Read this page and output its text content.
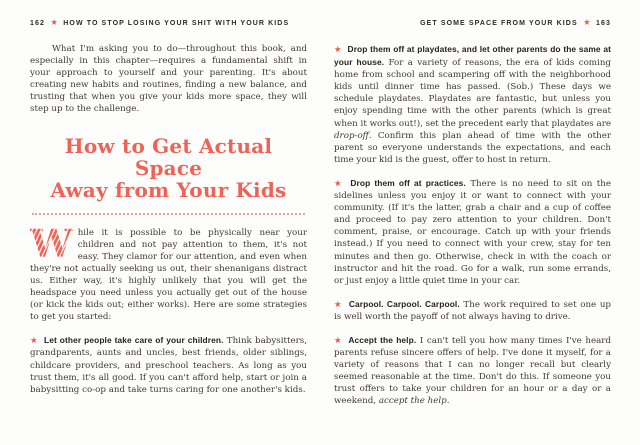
162 ★ HOW TO STOP LOSING YOUR SHIT WITH YOUR KIDS

What I'm asking you to do—throughout this book, and especially in this chapter—requires a fundamental shift in your approach to yourself and your parenting. It's about creating new habits and routines, finding a new balance, and trusting that when you give your kids more space, they will step up to the challenge.

How to Get Actual Space
Away from Your Kids

W hile it is possible to be physically near your children and not pay attention to them, it's not easy. They clamor for our attention, and even when they're not actually seeking us out, their shenanigans distract us. Either way, it's highly unlikely that you will get the headspace you need unless you actually get out of the house (or kick the kids out; either works). Here are some strategies to get you started:

★ Let other people take care of your children. Think babysitters, grandparents, aunts and uncles, best friends, older siblings, childcare providers, and preschool teachers. As long as you trust them, it's all good. If you can't afford help, start or join a babysitting co-op and take turns caring for one another's kids.

GET SOME SPACE FROM YOUR KIDS ★ 163

★ Drop them off at playdates, and let other parents do the same at your house. For a variety of reasons, the era of kids coming home from school and scampering off with the neighborhood kids until dinner time has passed. (Sob.) These days we schedule playdates. Playdates are fantastic, but unless you enjoy spending time with the other parents (which is great when it works out!), set the precedent early that playdates are drop-off. Confirm this plan ahead of time with the other parent so everyone understands the expectations, and each time your kid is the guest, offer to host in return.

★ Drop them off at practices. There is no need to sit on the sidelines unless you enjoy it or want to connect with your community. (If it's the latter, grab a chair and a cup of coffee and proceed to pay zero attention to your children. Don't comment, praise, or encourage. Catch up with your friends instead.) If you need to connect with your crew, stay for ten minutes and then go. Otherwise, check in with the coach or instructor and hit the road. Go for a walk, run some errands, or just enjoy a little quiet time in your car.

★ Carpool. Carpool. Carpool. The work required to set one up is well worth the payoff of not always having to drive.

★ Accept the help. I can't tell you how many times I've heard parents refuse sincere offers of help. I've done it myself, for a variety of reasons that I can no longer recall but clearly seemed reasonable at the time. Don't do this. If someone you trust offers to take your children for an hour or a day or a weekend, accept the help.
